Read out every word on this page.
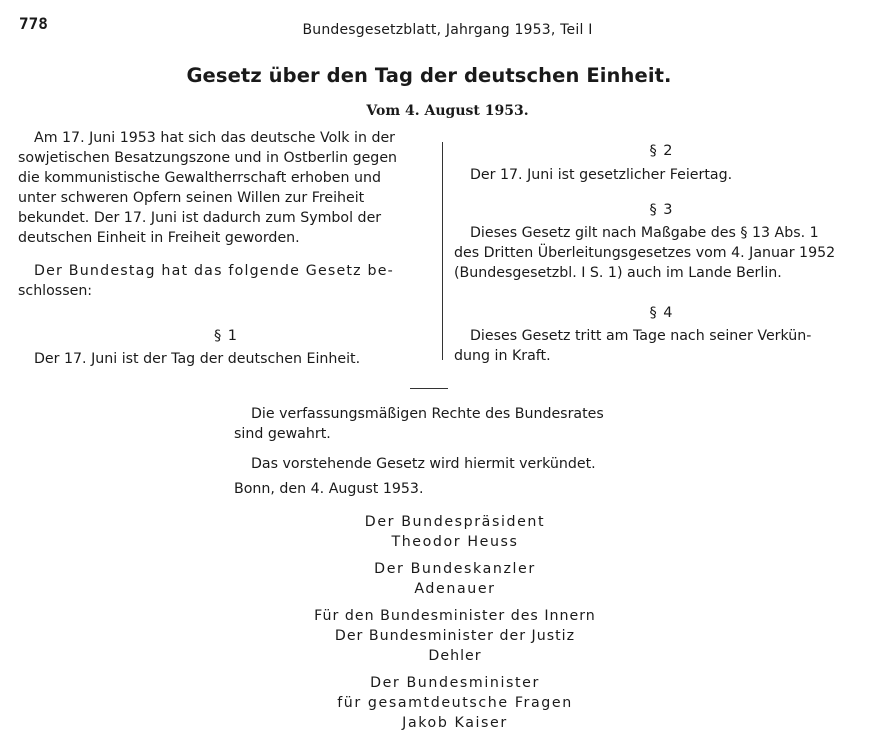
778	Bundesgesetzblatt, Jahrgang 1953, Teil I
Gesetz über den Tag der deutschen Einheit.
Vom 4. August 1953.
Am 17. Juni 1953 hat sich das deutsche Volk in der
sowjetischen Besatzungszone und in Ostberlin gegen
die kommunistische Gewaltherrschaft erhoben und
unter schweren Opfern seinen Willen zur Freiheit
bekundet. Der 17. Juni ist dadurch zum Symbol der
deutschen Einheit in Freiheit geworden.
Der Bundestag hat das folgende Gesetz be-
schlossen:
§ 1
Der 17. Juni ist der Tag der deutschen Einheit.
§ 2
Der 17. Juni ist gesetzlicher Feiertag.
§ 3
Dieses Gesetz gilt nach Maßgabe des § 13 Abs. 1
des Dritten Überleitungsgesetzes vom 4. Januar 1952
(Bundesgesetzbl. I S. 1) auch im Lande Berlin.
§ 4
Dieses Gesetz tritt am Tage nach seiner Verkün-
dung in Kraft.

Die verfassungsmäßigen Rechte des Bundesrates

sind gewahrt.

Das vorstehende Gesetz wird hiermit verkündet.

Bonn, den 4. August 1953.

Der Bundespräsident
Theodor Heuss
Der Bundeskanzler
Adenauer
Für den Bundesminister des Innern
Der Bundesminister der Justiz
Dehler
Der Bundesminister
für gesamtdeutsche Fragen
Jakob Kaiser
